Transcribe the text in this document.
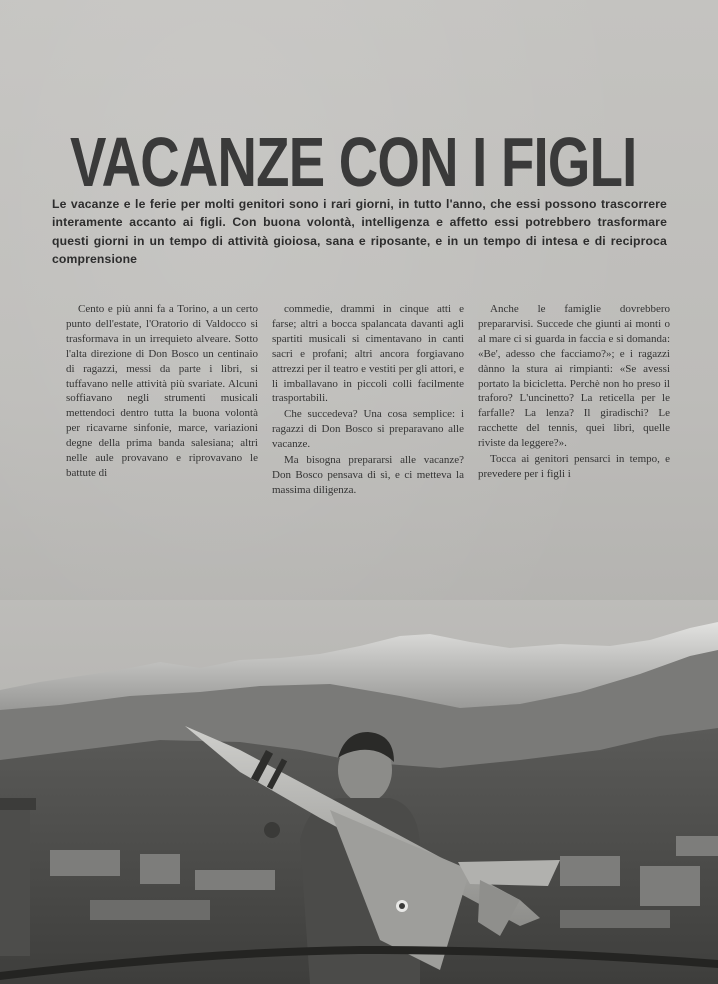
VACANZE CON I FIGLI
Le vacanze e le ferie per molti genitori sono i rari giorni, in tutto l'anno, che essi possono trascorrere interamente accanto ai figli. Con buona volontà, intelligenza e affetto essi potrebbero trasformare questi giorni in un tempo di attività gioiosa, sana e riposante, e in un tempo di intesa e di reciproca comprensione

Cento e più anni fa a Torino, a un certo punto dell'estate, l'Oratorio di Valdocco si trasformava in un irrequieto alveare. Sotto l'alta direzione di Don Bosco un centinaio di ragazzi, messi da parte i libri, si tuffavano nelle attività più svariate. Alcuni soffiavano negli strumenti musicali mettendoci dentro tutta la buona volontà per ricavarne sinfonie, marce, variazioni degne della prima banda salesiana; altri nelle aule provavano e riprovavano le battute di

commedie, drammi in cinque atti e farse; altri a bocca spalancata davanti agli spartiti musicali si cimentavano in canti sacri e profani; altri ancora forgiavano attrezzi per il teatro e vestiti per gli attori, e li imballavano in piccoli colli facilmente trasportabili.

Che succedeva? Una cosa semplice: i ragazzi di Don Bosco si preparavano alle vacanze.

Ma bisogna prepararsi alle vacanze? Don Bosco pensava di sì, e ci metteva la massima diligenza.

Anche le famiglie dovrebbero prepararvisi. Succede che giunti ai monti o al mare ci si guarda in faccia e si domanda: «Be', adesso che facciamo?»; e i ragazzi dànno la stura ai rimpianti: «Se avessi portato la bicicletta. Perchè non ho preso il traforo? L'uncinetto? La reticella per le farfalle? La lenza? Il giradischi? Le racchette del tennis, quei libri, quelle riviste da leggere?».

Tocca ai genitori pensarci in tempo, e prevedere per i figli i
